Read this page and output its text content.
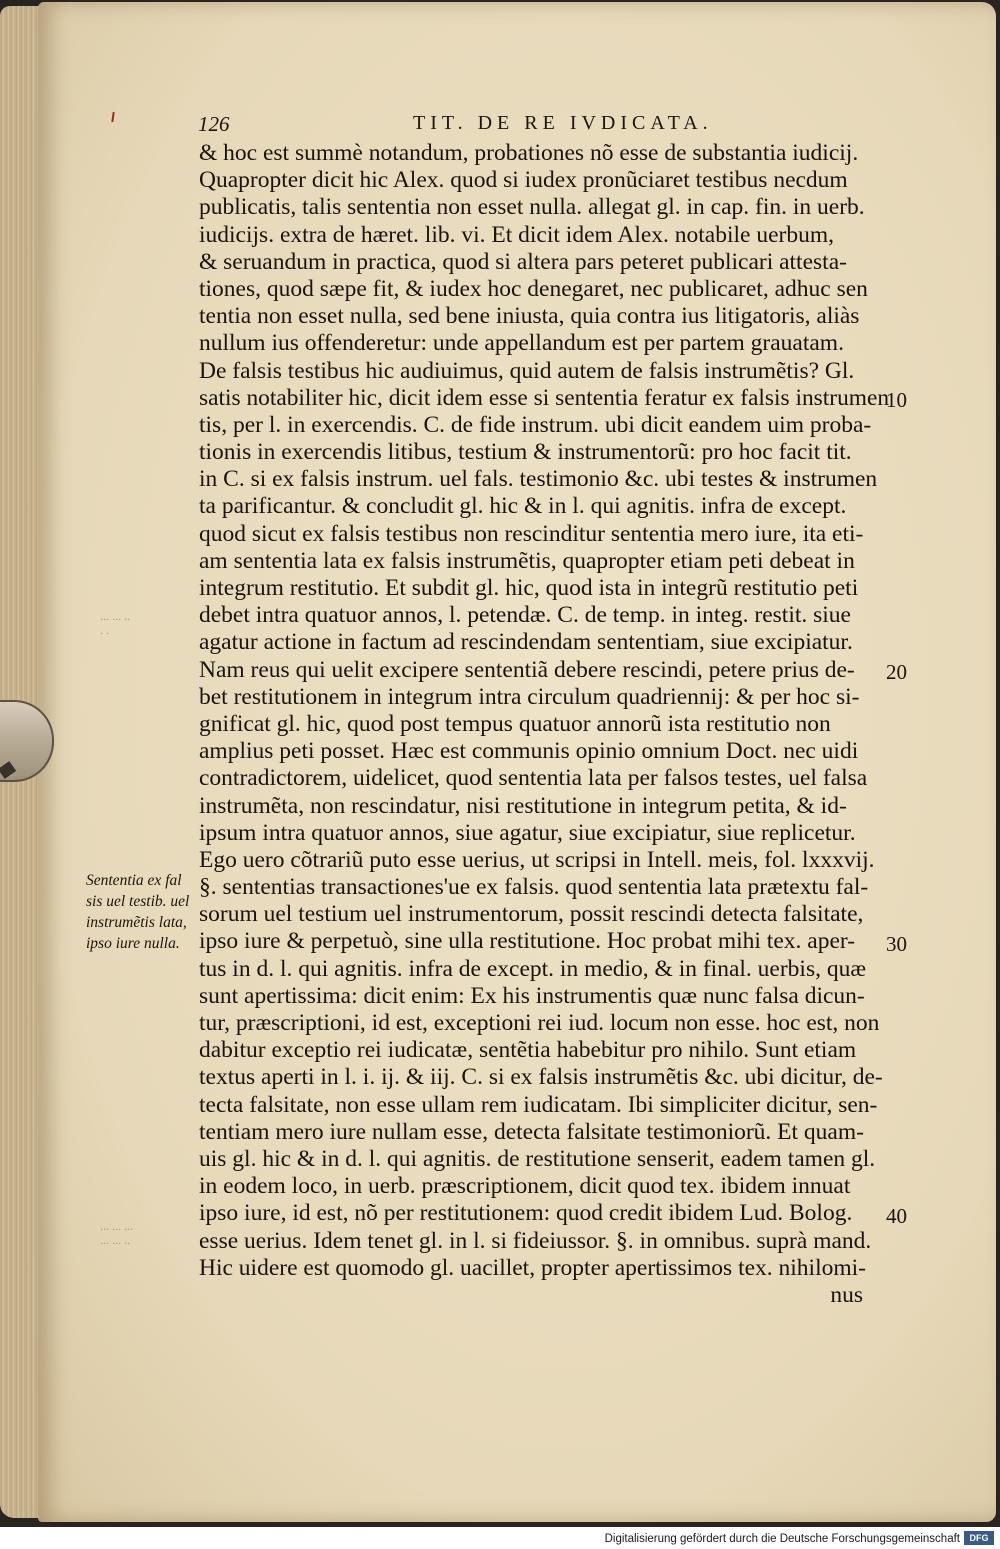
126	TIT. DE RE IVDICATA.
& hoc est summè notandum, probationes nõ esse de substantia iudicij.
Quapropter dicit hic Alex. quod si iudex pronũciaret testibus necdum
publicatis, talis sententia non esset nulla. allegat gl. in cap. fin. in uerb.
iudicijs. extra de hæret. lib. vi. Et dicit idem Alex. notabile uerbum,
& seruandum in practica, quod si altera pars peteret publicari attesta-
tiones, quod sæpe fit, & iudex hoc denegaret, nec publicaret, adhuc sen
tentia non esset nulla, sed bene iniusta, quia contra ius litigatoris, aliàs
nullum ius offenderetur: unde appellandum est per partem grauatam.
De falsis testibus hic audiuimus, quid autem de falsis instrumẽtis? Gl.
satis notabiliter hic, dicit idem esse si sententia feratur ex falsis instrumen
tis, per l. in exercendis. C. de fide instrum. ubi dicit eandem uim proba-
tionis in exercendis litibus, testium & instrumentorũ: pro hoc facit tit.
in C. si ex falsis instrum. uel fals. testimonio &c. ubi testes & instrumen
ta parificantur. & concludit gl. hic & in l. qui agnitis. infra de except.
quod sicut ex falsis testibus non rescinditur sententia mero iure, ita eti-
am sententia lata ex falsis instrumẽtis, quapropter etiam peti debeat in
integrum restitutio. Et subdit gl. hic, quod ista in integrũ restitutio peti
debet intra quatuor annos, l. petendæ. C. de temp. in integ. restit. siue
agatur actione in factum ad rescindendam sententiam, siue excipiatur.
Nam reus qui uelit excipere sententiã debere rescindi, petere prius de-
bet restitutionem in integrum intra circulum quadriennij: & per hoc si-
gnificat gl. hic, quod post tempus quatuor annorũ ista restitutio non
amplius peti posset. Hæc est communis opinio omnium Doct. nec uidi
contradictorem, uidelicet, quod sententia lata per falsos testes, uel falsa
instrumẽta, non rescindatur, nisi restitutione in integrum petita, & id-
ipsum intra quatuor annos, siue agatur, siue excipiatur, siue replicetur.
Ego uero cõtrariũ puto esse uerius, ut scripsi in Intell. meis, fol. lxxxvij.
§. sententias transactiones'ue ex falsis. quod sententia lata prætextu fal-
sorum uel testium uel instrumentorum, possit rescindi detecta falsitate,
ipso iure & perpetuò, sine ulla restitutione. Hoc probat mihi tex. aper-
tus in d. l. qui agnitis. infra de except. in medio, & in final. uerbis, quæ
sunt apertissima: dicit enim: Ex his instrumentis quæ nunc falsa dicun-
tur, præscriptioni, id est, exceptioni rei iud. locum non esse. hoc est, non
dabitur exceptio rei iudicatæ, sentẽtia habebitur pro nihilo. Sunt etiam
textus aperti in l. i. ij. & iij. C. si ex falsis instrumẽtis &c. ubi dicitur, de-
tecta falsitate, non esse ullam rem iudicatam. Ibi simpliciter dicitur, sen-
tentiam mero iure nullam esse, detecta falsitate testimoniorũ. Et quam-
uis gl. hic & in d. l. qui agnitis. de restitutione senserit, eadem tamen gl.
in eodem loco, in uerb. præscriptionem, dicit quod tex. ibidem innuat
ipso iure, id est, nõ per restitutionem: quod credit ibidem Lud. Bolog.
esse uerius. Idem tenet gl. in l. si fideiussor. §. in omnibus. suprà mand.
Hic uidere est quomodo gl. uacillet, propter apertissimos tex. nihilomi-
nus
10
20
30
40
Sententia ex fal
sis uel testib. uel
instrumẽtis lata,
ipso iure nulla.
··· ··· ··
· ·
··· ··· ···
··· ··· ··
Digitalisierung gefördert durch die Deutsche Forschungsgemeinschaft	DFG
